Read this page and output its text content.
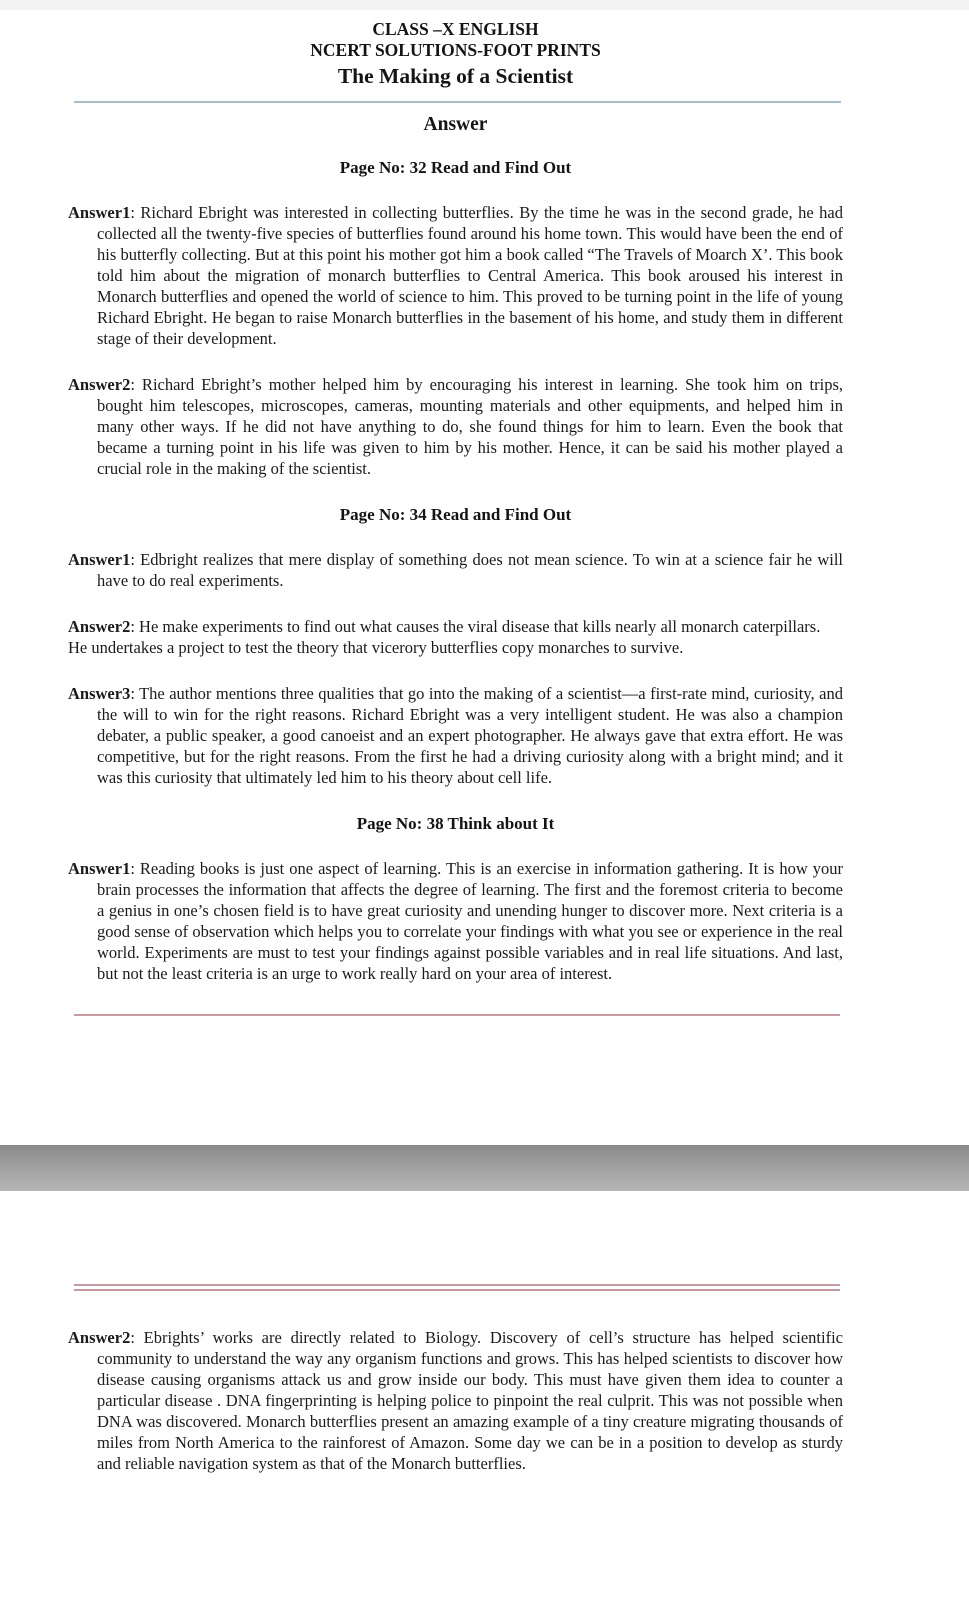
CLASS –X ENGLISH
NCERT SOLUTIONS-FOOT PRINTS
The Making of a Scientist
Answer
Page No: 32 Read and Find Out

Answer1: Richard Ebright was interested in collecting butterflies. By the time he was in the second grade, he had collected all the twenty-five species of butterflies found around his home town. This would have been the end of his butterfly collecting. But at this point his mother got him a book called “The Travels of Moarch X’. This book told him about the migration of monarch butterflies to Central America. This book aroused his interest in Monarch butterflies and opened the world of science to him. This proved to be turning point in the life of young Richard Ebright. He began to raise Monarch butterflies in the basement of his home, and study them in different stage of their development.

Answer2: Richard Ebright’s mother helped him by encouraging his interest in learning. She took him on trips, bought him telescopes, microscopes, cameras, mounting materials and other equipments, and helped him in many other ways. If he did not have anything to do, she found things for him to learn. Even the book that became a turning point in his life was given to him by his mother. Hence, it can be said his mother played a crucial role in the making of the scientist.

Page No: 34 Read and Find Out

Answer1: Edbright realizes that mere display of something does not mean science. To win at a science fair he will have to do real experiments.

Answer2: He make experiments to find out what causes the viral disease that kills nearly all monarch caterpillars.

He undertakes a project to test the theory that vicerory butterflies copy monarches to survive.

Answer3: The author mentions three qualities that go into the making of a scientist—a first-rate mind, curiosity, and the will to win for the right reasons. Richard Ebright was a very intelligent student. He was also a champion debater, a public speaker, a good canoeist and an expert photographer. He always gave that extra effort. He was competitive, but for the right reasons. From the first he had a driving curiosity along with a bright mind; and it was this curiosity that ultimately led him to his theory about cell life.

Page No: 38 Think about It

Answer1: Reading books is just one aspect of learning. This is an exercise in information gathering. It is how your brain processes the information that affects the degree of learning. The first and the foremost criteria to become a genius in one’s chosen field is to have great curiosity and unending hunger to discover more. Next criteria is a good sense of observation which helps you to correlate your findings with what you see or experience in the real world. Experiments are must to test your findings against possible variables and in real life situations. And last, but not the least criteria is an urge to work really hard on your area of interest.

Answer2: Ebrights’ works are directly related to Biology. Discovery of cell’s structure has helped scientific community to understand the way any organism functions and grows. This has helped scientists to discover how disease causing organisms attack us and grow inside our body. This must have given them idea to counter a particular disease . DNA fingerprinting is helping police to pinpoint the real culprit. This was not possible when DNA was discovered. Monarch butterflies present an amazing example of a tiny creature migrating thousands of miles from North America to the rainforest of Amazon. Some day we can be in a position to develop as sturdy and reliable navigation system as that of the Monarch butterflies.
